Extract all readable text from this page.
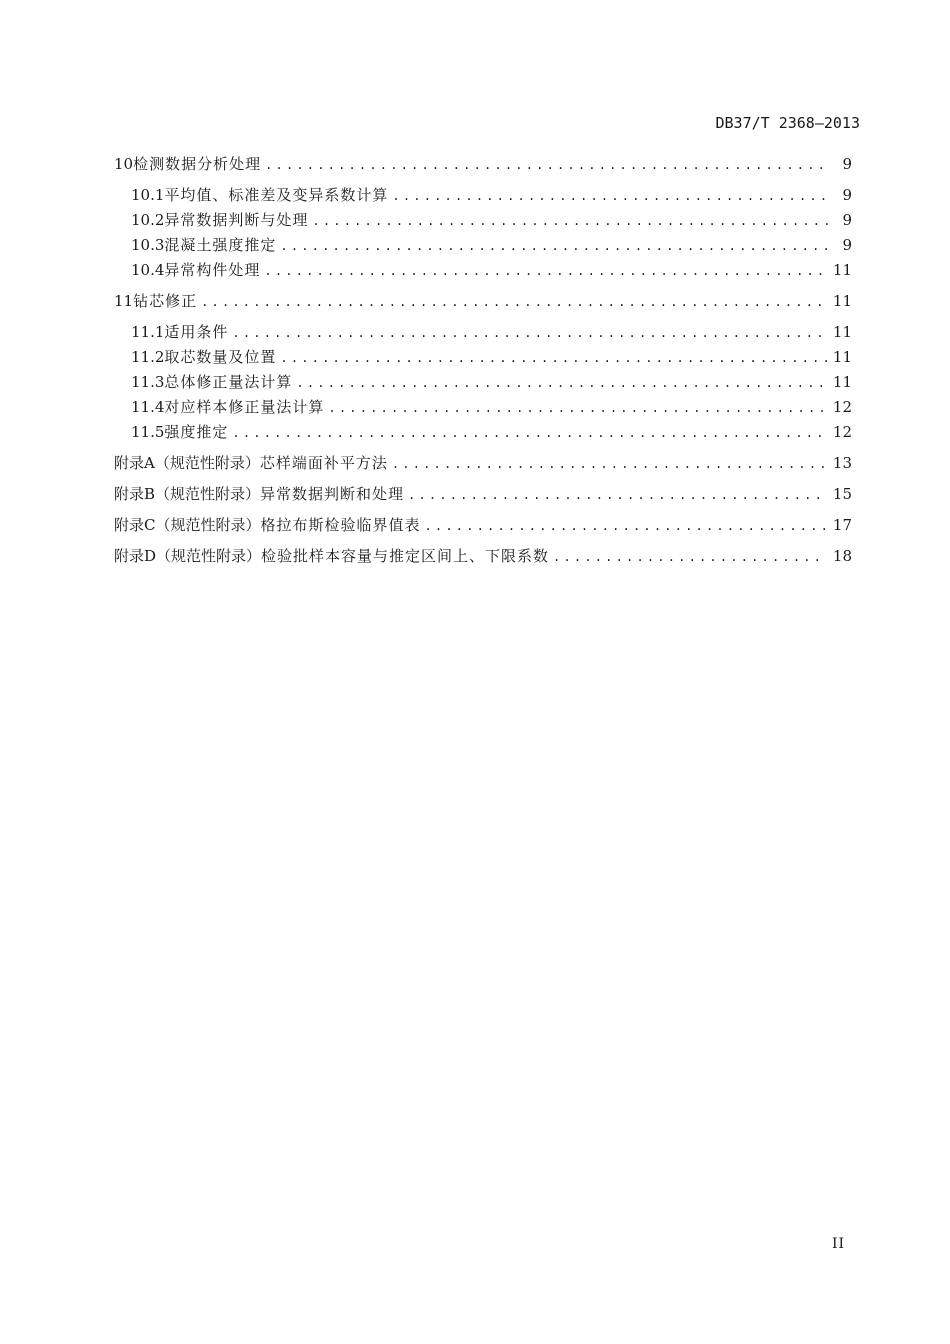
DB37/T 2368—2013
10 检测数据分析处理 .....	9
10.1 平均值、标准差及变异系数计算 .....	9
10.2 异常数据判断与处理 .....	9
10.3 混凝土强度推定 .....	9
10.4 异常构件处理 .....	11
11 钻芯修正 .....	11
11.1 适用条件 .....	11
11.2 取芯数量及位置 .....	11
11.3 总体修正量法计算 .....	11
11.4 对应样本修正量法计算 .....	12
11.5 强度推定 .....	12
附录A（规范性附录） 芯样端面补平方法 .....	13
附录B（规范性附录） 异常数据判断和处理 .....	15
附录C（规范性附录） 格拉布斯检验临界值表 .....	17
附录D（规范性附录） 检验批样本容量与推定区间上、下限系数 .....	18
II
